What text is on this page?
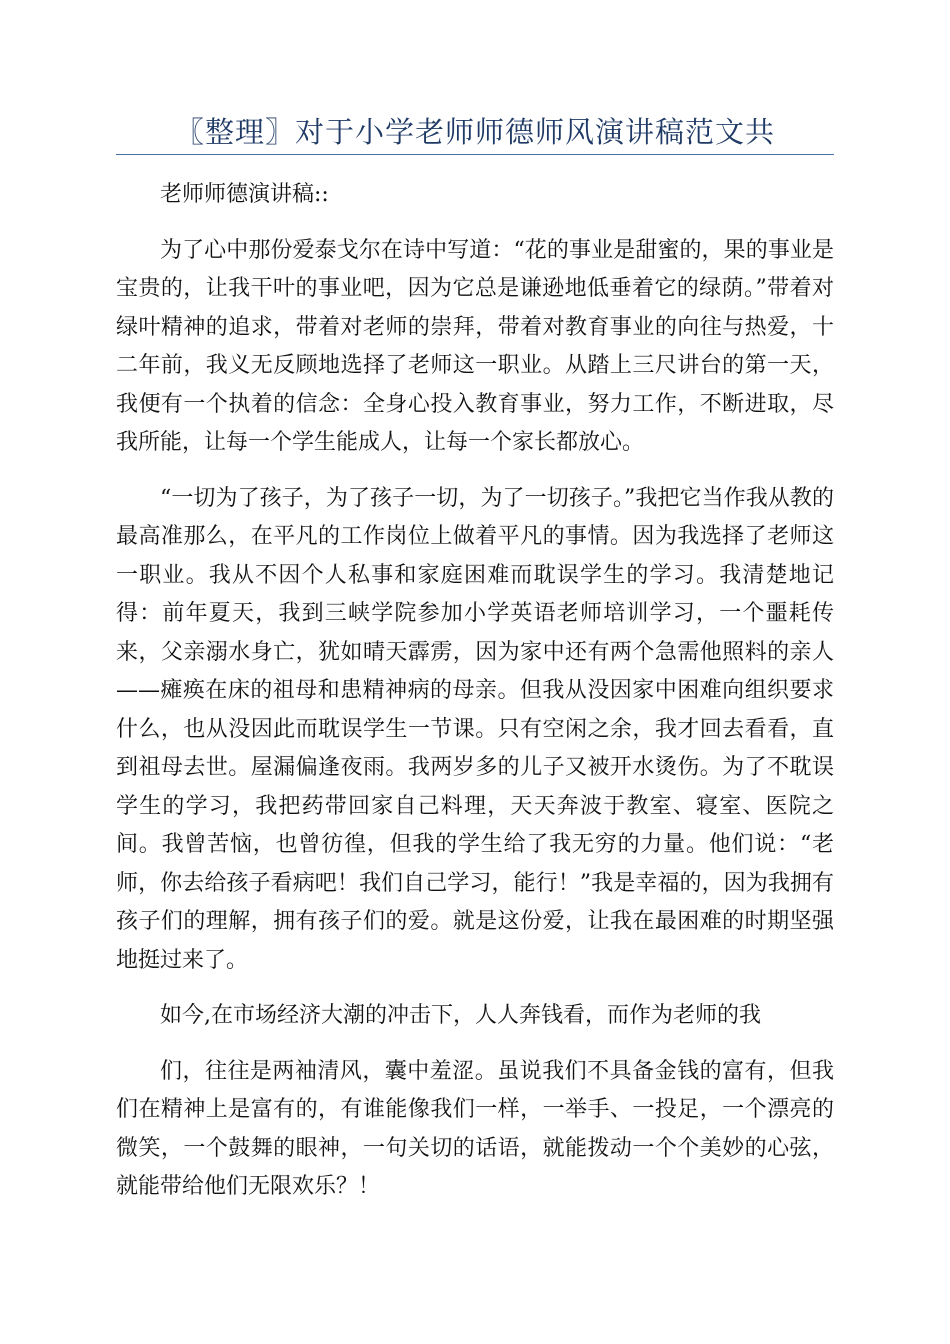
〖整理〗对于小学老师师德师风演讲稿范文共

老师师德演讲稿::

为了心中那份爱泰戈尔在诗中写道：“花的事业是甜蜜的，果的事业是宝贵的，让我干叶的事业吧，因为它总是谦逊地低垂着它的绿荫。”带着对绿叶精神的追求，带着对老师的崇拜，带着对教育事业的向往与热爱，十二年前，我义无反顾地选择了老师这一职业。从踏上三尺讲台的第一天，我便有一个执着的信念：全身心投入教育事业，努力工作，不断进取，尽我所能，让每一个学生能成人，让每一个家长都放心。

“一切为了孩子，为了孩子一切，为了一切孩子。”我把它当作我从教的最高准那么，在平凡的工作岗位上做着平凡的事情。因为我选择了老师这一职业。我从不因个人私事和家庭困难而耽误学生的学习。我清楚地记得：前年夏天，我到三峡学院参加小学英语老师培训学习，一个噩耗传来，父亲溺水身亡，犹如晴天霹雳，因为家中还有两个急需他照料的亲人——瘫痪在床的祖母和患精神病的母亲。但我从没因家中困难向组织要求什么，也从没因此而耽误学生一节课。只有空闲之余，我才回去看看，直到祖母去世。屋漏偏逢夜雨。我两岁多的儿子又被开水烫伤。为了不耽误学生的学习，我把药带回家自己料理，天天奔波于教室、寝室、医院之间。我曾苦恼，也曾彷徨，但我的学生给了我无穷的力量。他们说：“老师，你去给孩子看病吧！我们自己学习，能行！”我是幸福的，因为我拥有孩子们的理解，拥有孩子们的爱。就是这份爱，让我在最困难的时期坚强地挺过来了。

如今,在市场经济大潮的冲击下，人人奔钱看，而作为老师的我

们，往往是两袖清风，囊中羞涩。虽说我们不具备金钱的富有，但我们在精神上是富有的，有谁能像我们一样，一举手、一投足，一个漂亮的微笑，一个鼓舞的眼神，一句关切的话语，就能拨动一个个美妙的心弦，就能带给他们无限欢乐？！
